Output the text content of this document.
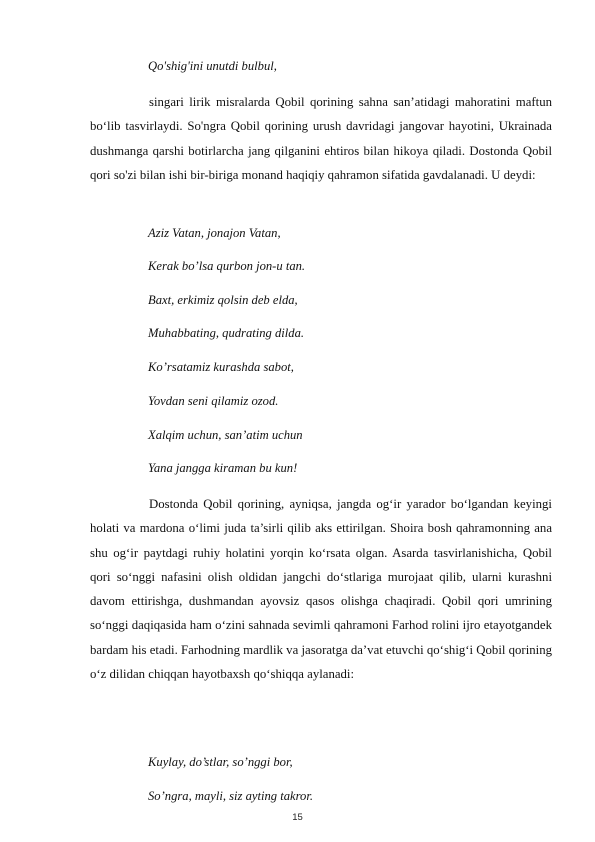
Qo'shig'ini unutdi bulbul,

singari lirik misralarda Qobil qorining sahna san’atidagi mahoratini maftun bo‘lib tasvirlaydi. So'ngra Qobil qorining urush davridagi jangovar hayotini, Ukrainada dushmanga qarshi botirlarcha jang qilganini ehtiros bilan hikoya qiladi. Dostonda Qobil qori so'zi bilan ishi bir-biriga monand haqiqiy qahramon sifatida gavdalanadi. U deydi:

Aziz Vatan, jonajon Vatan,
Kerak bo’lsa qurbon jon-u tan.
Baxt, erkimiz qolsin deb elda,
Muhabbating, qudrating dilda.
Ko’rsatamiz kurashda sabot,
Yovdan seni qilamiz ozod.
Xalqim uchun, san’atim uchun
Yana jangga kiraman bu kun!

Dostonda Qobil qorining, ayniqsa, jangda og‘ir yarador bo‘lgandan keyingi holati va mardona o‘limi juda ta’sirli qilib aks ettirilgan. Shoira bosh qahramonning ana shu og‘ir paytdagi ruhiy holatini yorqin ko‘rsata olgan. Asarda tasvirlanishicha, Qobil qori so‘nggi nafasini olish oldidan jangchi do‘stlariga murojaat qilib, ularni kurashni davom ettirishga, dushmandan ayovsiz qasos olishga chaqiradi. Qobil qori umrining so‘nggi daqiqasida ham o‘zini sahnada sevimli qahramoni Farhod rolini ijro etayotgandek bardam his etadi. Farhodning mardlik va jasoratga da’vat etuvchi qo‘shig‘i Qobil qorining o‘z dilidan chiqqan hayotbaxsh qo‘shiqqa aylanadi:

Kuylay, do’stlar, so’nggi bor,
So’ngra, mayli, siz ayting takror.
15
